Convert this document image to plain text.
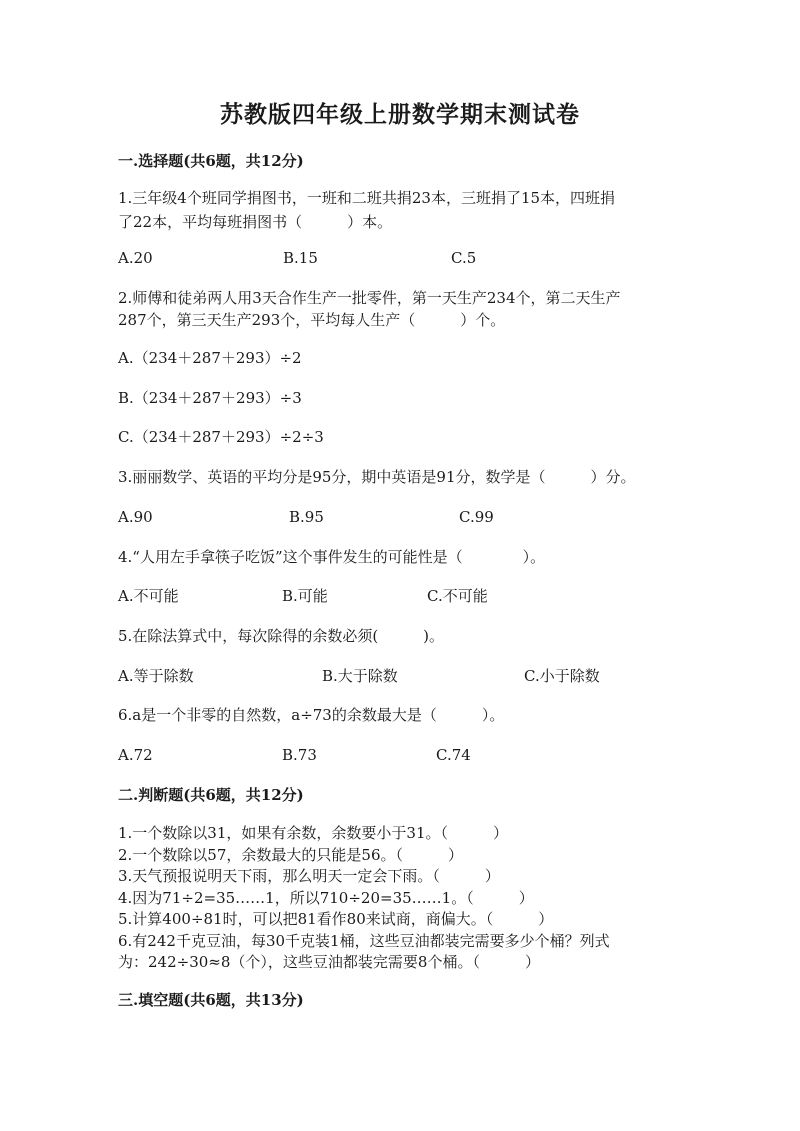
苏教版四年级上册数学期末测试卷
一.选择题(共6题，共12分)
1.三年级4个班同学捐图书，一班和二班共捐23本，三班捐了15本，四班捐
了22本，平均每班捐图书（　　　）本。
A.20	B.15	C.5
2.师傅和徒弟两人用3天合作生产一批零件，第一天生产234个，第二天生产
287个，第三天生产293个，平均每人生产（　　　）个。
A.（234＋287＋293）÷2
B.（234＋287＋293）÷3
C.（234＋287＋293）÷2÷3
3.丽丽数学、英语的平均分是95分，期中英语是91分，数学是（　　　）分。
A.90	B.95	C.99
4.“人用左手拿筷子吃饭”这个事件发生的可能性是（　　　　）。
A.不可能	B.可能	C.不可能
5.在除法算式中，每次除得的余数必须(　　　)。
A.等于除数	B.大于除数	C.小于除数
6.a是一个非零的自然数，a÷73的余数最大是（　　　）。
A.72	B.73	C.74
二.判断题(共6题，共12分)
1.一个数除以31，如果有余数，余数要小于31。（　　　）
2.一个数除以57，余数最大的只能是56。（　　　）
3.天气预报说明天下雨，那么明天一定会下雨。（　　　）
4.因为71÷2=35……1，所以710÷20=35……1。（　　　）
5.计算400÷81时，可以把81看作80来试商，商偏大。（　　　）
6.有242千克豆油，每30千克装1桶，这些豆油都装完需要多少个桶？列式
为：242÷30≈8（个），这些豆油都装完需要8个桶。（　　　）
三.填空题(共6题，共13分)
